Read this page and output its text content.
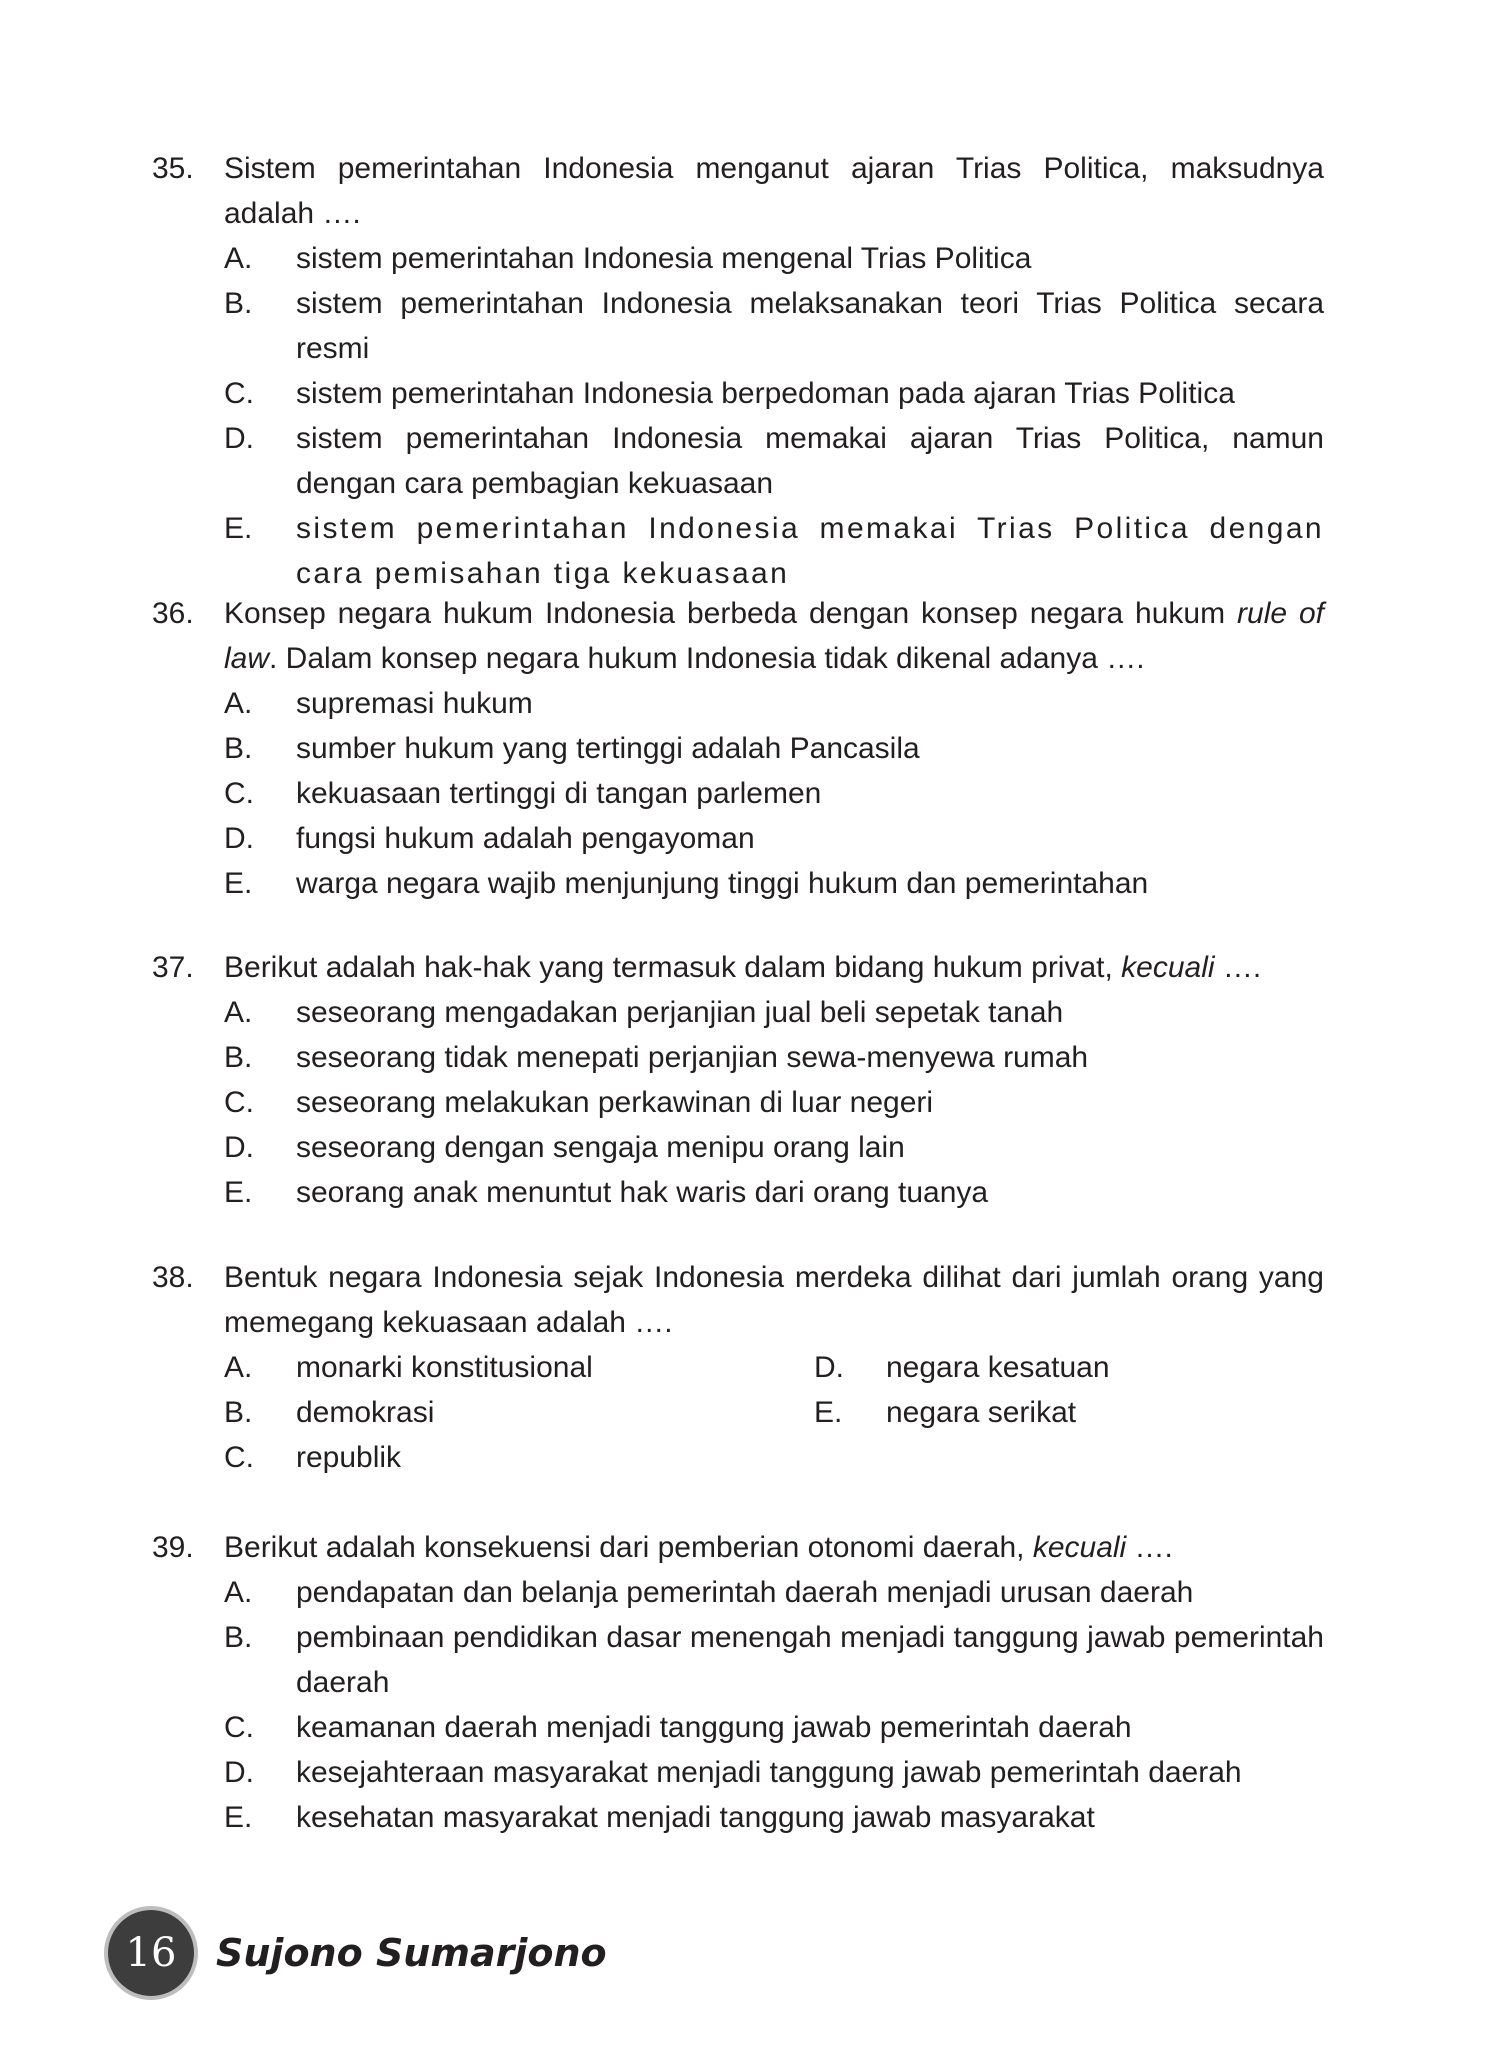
35.	Sistem pemerintahan Indonesia menganut ajaran Trias Politica, maksudnya adalah ….
A.	sistem pemerintahan Indonesia mengenal Trias Politica
B.	sistem pemerintahan Indonesia melaksanakan teori Trias Politica secara resmi
C.	sistem pemerintahan Indonesia berpedoman pada ajaran Trias Politica
D.	sistem pemerintahan Indonesia memakai ajaran Trias Politica, namun dengan cara pembagian kekuasaan
E.	sistem pemerintahan Indonesia memakai Trias Politica dengan cara pemisahan tiga kekuasaan
36.	Konsep negara hukum Indonesia berbeda dengan konsep negara hukum rule of law. Dalam konsep negara hukum Indonesia tidak dikenal adanya ….
A.	supremasi hukum
B.	sumber hukum yang tertinggi adalah Pancasila
C.	kekuasaan tertinggi di tangan parlemen
D.	fungsi hukum adalah pengayoman
E.	warga negara wajib menjunjung tinggi hukum dan pemerintahan
37.	Berikut adalah hak-hak yang termasuk dalam bidang hukum privat, kecuali ….
A.	seseorang mengadakan perjanjian jual beli sepetak tanah
B.	seseorang tidak menepati perjanjian sewa-menyewa rumah
C.	seseorang melakukan perkawinan di luar negeri
D.	seseorang dengan sengaja menipu orang lain
E.	seorang anak menuntut hak waris dari orang tuanya
38.	Bentuk negara Indonesia sejak Indonesia merdeka dilihat dari jumlah orang yang memegang kekuasaan adalah ….
A.	monarki konstitusional
B.	demokrasi
C.	republik
D.	negara kesatuan
E.	negara serikat
39.	Berikut adalah konsekuensi dari pemberian otonomi daerah, kecuali ….
A.	pendapatan dan belanja pemerintah daerah menjadi urusan daerah
B.	pembinaan pendidikan dasar menengah menjadi tanggung jawab pemerintah daerah
C.	keamanan daerah menjadi tanggung jawab pemerintah daerah
D.	kesejahteraan masyarakat menjadi tanggung jawab pemerintah daerah
E.	kesehatan masyarakat menjadi tanggung jawab masyarakat
16 Sujono Sumarjono
